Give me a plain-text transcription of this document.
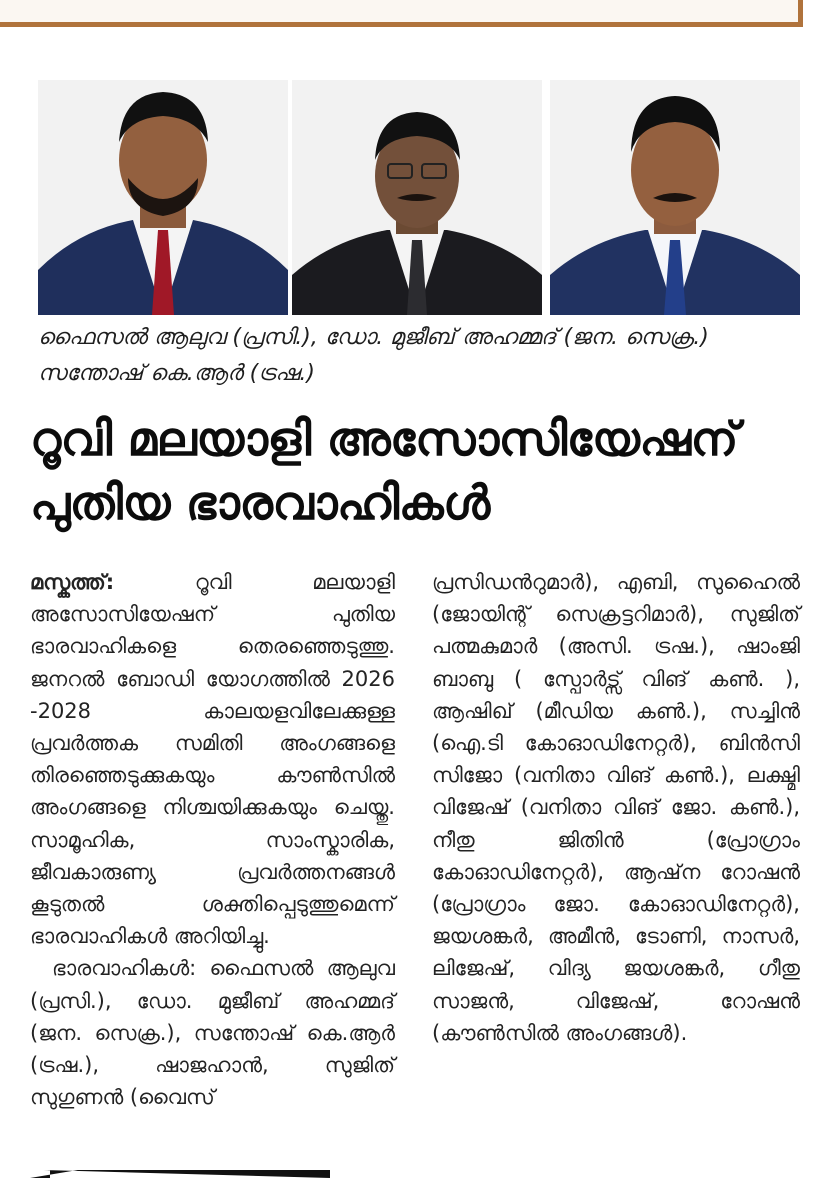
ഫൈസൽ ആലുവ (പ്രസി.), ഡോ. മുജീബ് അഹമ്മദ് (ജന. സെക്ര.) സന്തോഷ് കെ.ആർ (ട്രഷ.)
റൂവി മലയാളി അസോസിയേഷന് പുതിയ ഭാരവാഹികൾ
മസ്കത്ത്:	റൂവി മലയാളി അസോസിയേഷന് പുതിയ ഭാരവാഹികളെ തെരഞ്ഞെടുത്തു. ജനറൽ ബോഡി യോഗത്തിൽ 2026 -2028 കാലയളവിലേക്കുള്ള പ്രവർത്തക സമിതി അംഗങ്ങളെ തിരഞ്ഞെടുക്കുകയും കൗൺസിൽ അംഗങ്ങളെ നിശ്ചയിക്കുകയും ചെയ്തു. സാമൂഹിക, സാംസ്കാരിക, ജീവകാരുണ്യ പ്രവർത്തനങ്ങൾ കൂടുതൽ ശക്തിപ്പെടുത്തുമെന്ന് ഭാരവാഹികൾ അറിയിച്ചു.
ഭാരവാഹികൾ: ഫൈസൽ ആലുവ (പ്രസി.), ഡോ. മുജീബ് അഹമ്മദ് (ജന. സെക്ര.), സന്തോഷ് കെ.ആർ (ട്രഷ.), ഷാജഹാൻ, സുജിത് സുഗുണൻ (വൈസ്
പ്രസിഡൻറുമാർ), എബി, സുഹൈൽ (ജോയിന്റ് സെക്രട്ടറിമാർ), സുജിത് പത്മകുമാർ (അസി. ട്രഷ.), ഷാംജി ബാബു ( സ്പോർട്സ് വിങ് കൺ. ), ആഷിഖ് (മീഡിയ കൺ.), സച്ചിൻ (ഐ.ടി കോഓഡിനേറ്റർ), ബിൻസി സിജോ (വനിതാ വിങ് കൺ.), ലക്ഷ്മി വിജേഷ് (വനിതാ വിങ് ജോ. കൺ.), നീതു ജിതിൻ (പ്രോഗ്രാം കോഓഡിനേറ്റർ), ആഷ്‌ന റോഷൻ (പ്രോഗ്രാം ജോ. കോഓഡിനേറ്റർ), ജയശങ്കർ, അമീൻ, ടോണി, നാസർ, ലിജേഷ്, വിദ്യ ജയശങ്കർ, ഗീതു സാജൻ, വിജേഷ്, റോഷൻ (കൗൺസിൽ അംഗങ്ങൾ).
